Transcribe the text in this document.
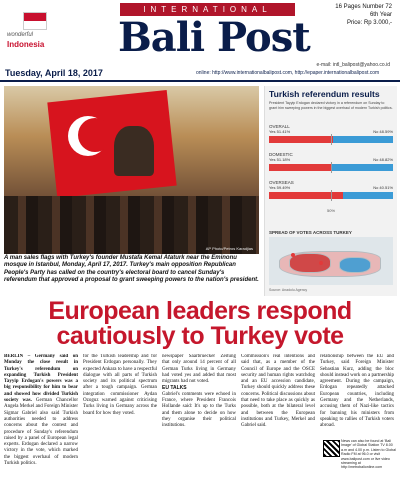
INTERNATIONAL
wonderful
Indonesia Bali Post
16 Pages Number 72
6th Year
Price: Rp 3.000,-
Tuesday, April 18, 2017
e-mail: intl_balipost@yahoo.co.id
online: http://www.internationalbalipost.com, http://epaper.internationalbalipost.com
AP Photo/Petros Karadjias
A man sales flags with Turkey's founder Mustafa Kemal Ataturk near the Eminonu mosque in Istanbul, Monday, April 17, 2017. Turkey's main opposition Republican People's Party has called on the country's electoral board to cancel Sunday's referendum that approved a proposal to grant sweeping powers to the nation's president.
Turkish referendum results
President Tayyip Erdogan declared victory in a referendum on Sunday to grant him sweeping powers in the biggest overhaul of modern Turkish politics.
OVERALL
Yes 51.41%	No 48.59%
DOMESTIC
Yes 51.18%	No 48.82%
OVERSEAS
Yes 59.49%	No 40.51%
50%
SPREAD OF VOTES ACROSS TURKEY
Source: Anadolu Agency
European leaders respond cautiously to Turkey vote
BERLIN – Germany said on Monday the close result in Turkey's referendum on expanding Turkish President Tayyip Erdogan's powers was a big responsibility for him to bear and showed how divided Turkish society was. German Chancellor Angela Merkel and Foreign Minister Sigmar Gabriel also said Turkish authorities needed to address concerns about the contest and procedure of Sunday's referendum raised by a panel of European legal experts. Erdogan declared a narrow victory in the vote, which marked the biggest overhaul of modern Turkish politics.
for the Turkish leadership and for President Erdogan personally. They expected Ankara to have a respectful dialogue with all parts of Turkish society and its political spectrum after a tough campaign. German integration commissioner Aydan Ozoguz warned against criticising Turks living in Germany across the board for how they voted.
newspaper Saarbruecker Zeitung that only around 14 percent of all German Turks living in Germany had voted yes and added that most migrants had not voted.
EU TALKS
Gabriel's comments were echoed in France, where President Francois Hollande said: It's up to the Turks and them alone to decide on how they organise their political institutions.
Commission's real intentions and said that, as a member of the Council of Europe and the OSCE security and human rights watchdog and an EU accession candidate, Turkey should quickly address these concerns. Political discussions about that need to take place as quickly as possible, both at the bilateral level and between the European institutions and Turkey, Merkel and Gabriel said.
relationship between the EU and Turkey, said Foreign Minister Sebastian Kurz, adding the bloc should instead work on a partnership agreement. During the campaign, Erdogan repeatedly attacked European countries, including Germany and the Netherlands, accusing them of Nazi-like tactics for banning his ministers from speaking to rallies of Turkish voters abroad.
News can also be found at 'Bali Image' of Global Station TV 8.00 a.m and 4.00 p.m. Listen to Global Radio FM at 96.0 or visit www.balipost.com or live video streaming at http://metrobalionline.com
